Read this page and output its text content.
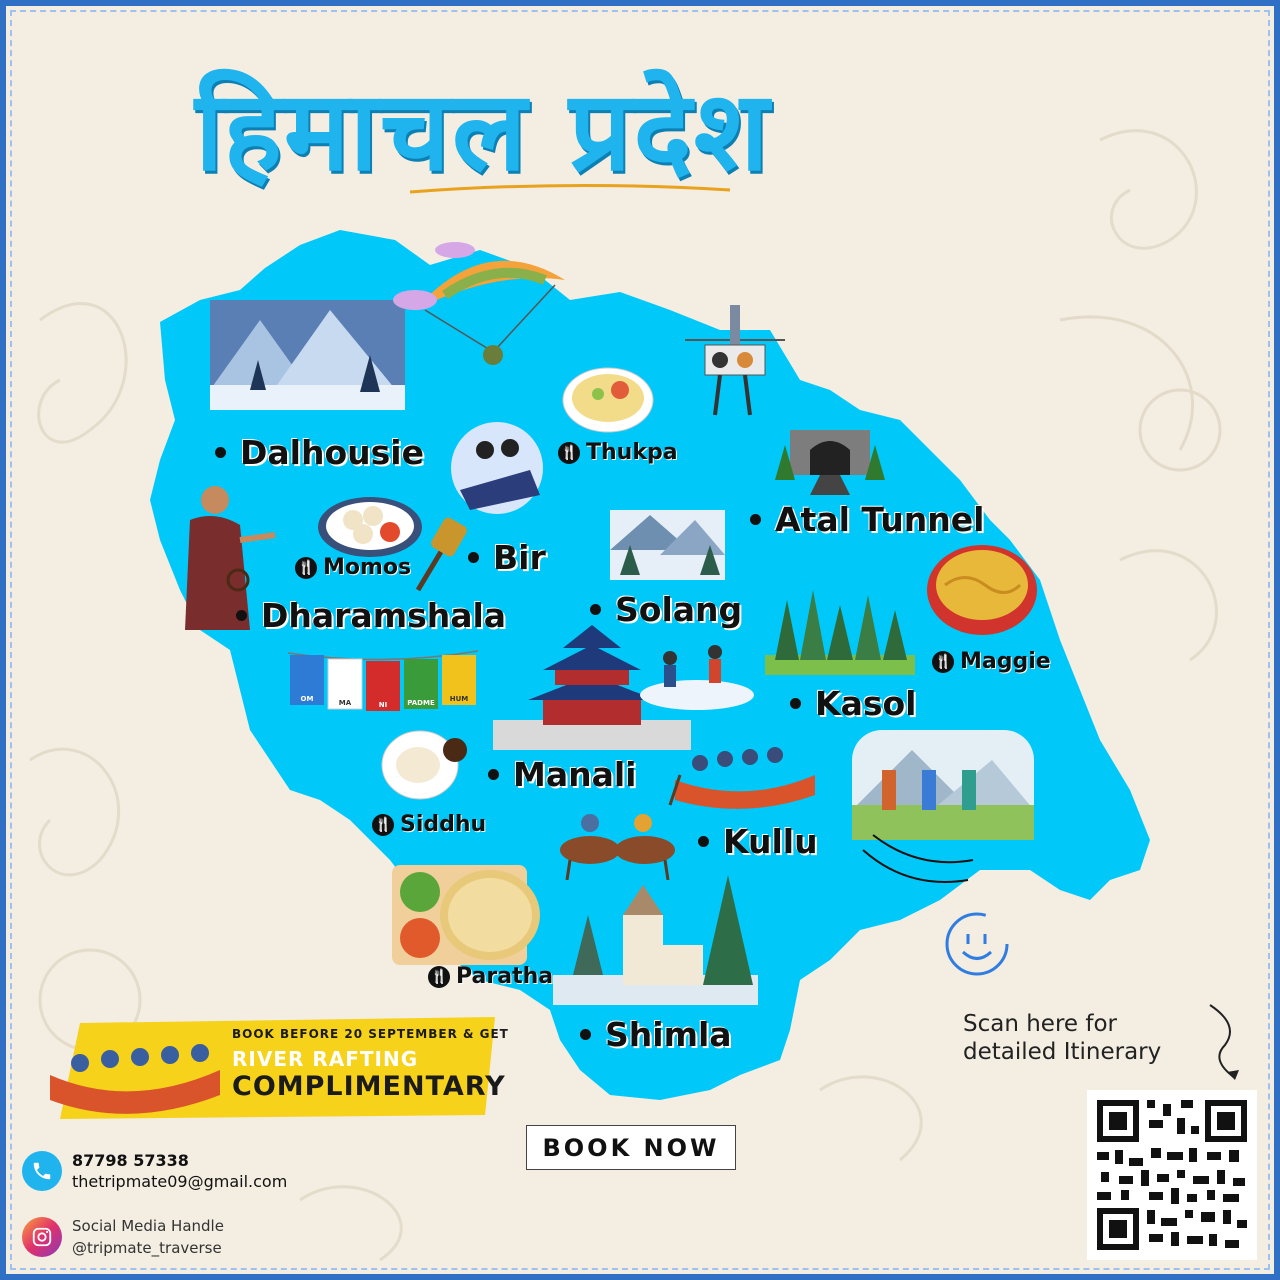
हिमाचल प्रदेश
OM	MA	NI	PADME HUM
Dalhousie
Bir
Dharamshala
Atal Tunnel
Solang
Kasol
Manali
Kullu
Shimla
🍴 Thukpa
🍴 Momos
🍴 Maggie
🍴 Siddhu
🍴 Paratha
BOOK BEFORE 20 SEPTEMBER & GET
RIVER RAFTING
COMPLIMENTARY
BOOK NOW
87798 57338
thetripmate09@gmail.com
Social Media Handle
@tripmate_traverse
Scan here for detailed Itinerary
